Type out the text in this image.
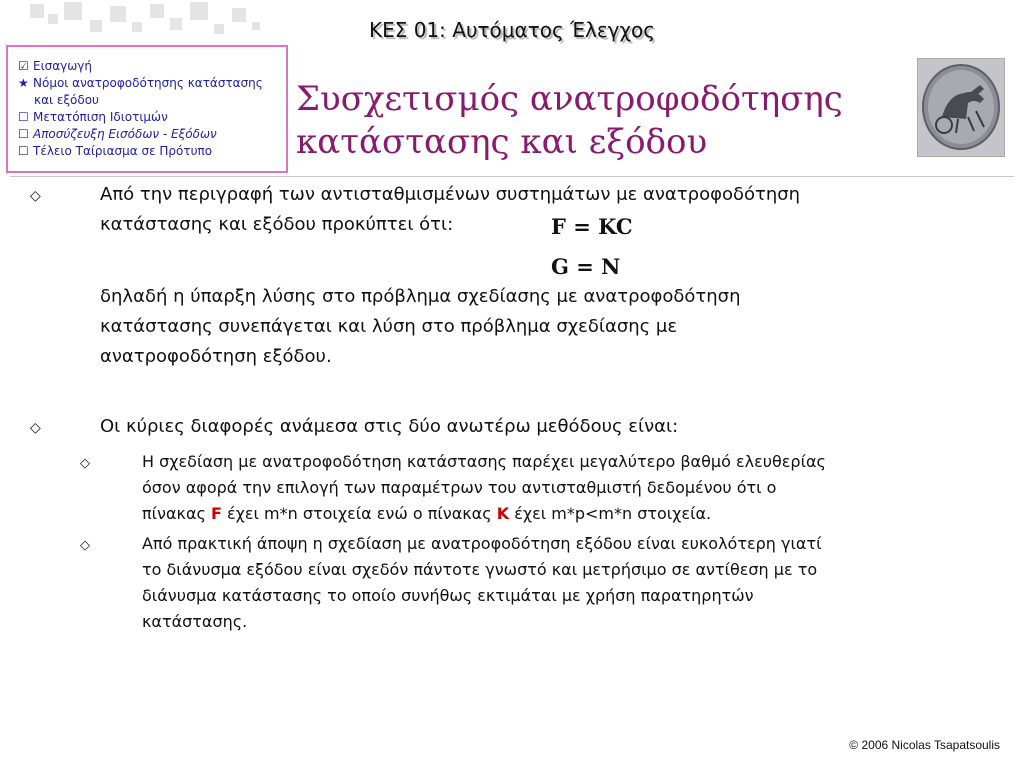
ΚΕΣ 01: Αυτόματος Έλεγχος
☑ Εισαγωγή
★ Νόμοι ανατροφοδότησης κατάστασης
και εξόδου
☐ Μετατόπιση Ιδιοτιμών
☐ Αποσύζευξη Εισόδων - Εξόδων
☐ Τέλειο Ταίριασμα σε Πρότυπο
Συσχετισμός ανατροφοδότησης
κατάστασης και εξόδου
◇	Από την περιγραφή των αντισταθμισμένων συστημάτων με ανατροφοδότηση
κατάστασης και εξόδου προκύπτει ότι:	F = KC
G = N
δηλαδή η ύπαρξη λύσης στο πρόβλημα σχεδίασης με ανατροφοδότηση
κατάστασης συνεπάγεται και λύση στο πρόβλημα σχεδίασης με
ανατροφοδότηση εξόδου.
◇	Οι κύριες διαφορές ανάμεσα στις δύο ανωτέρω μεθόδους είναι:
◇	Η σχεδίαση με ανατροφοδότηση κατάστασης παρέχει μεγαλύτερο βαθμό ελευθερίας
όσον αφορά την επιλογή των παραμέτρων του αντισταθμιστή δεδομένου ότι ο
πίνακας F έχει m*n στοιχεία ενώ ο πίνακας K έχει m*p<m*n στοιχεία.
◇	Από πρακτική άποψη η σχεδίαση με ανατροφοδότηση εξόδου είναι ευκολότερη γιατί
το διάνυσμα εξόδου είναι σχεδόν πάντοτε γνωστό και μετρήσιμο σε αντίθεση με το
διάνυσμα κατάστασης το οποίο συνήθως εκτιμάται με χρήση παρατηρητών
κατάστασης.
© 2006 Nicolas Tsapatsoulis
